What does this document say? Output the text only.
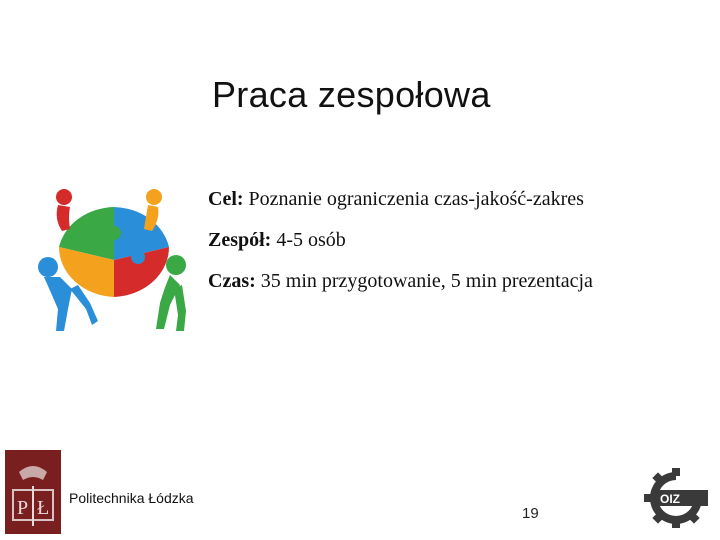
Praca zespołowa
Cel: Poznanie ograniczenia czas-jakość-zakres
Zespół: 4-5 osób
Czas: 35 min przygotowanie, 5 min prezentacja
P Ł Politechnika Łódzka
19
OIZ
